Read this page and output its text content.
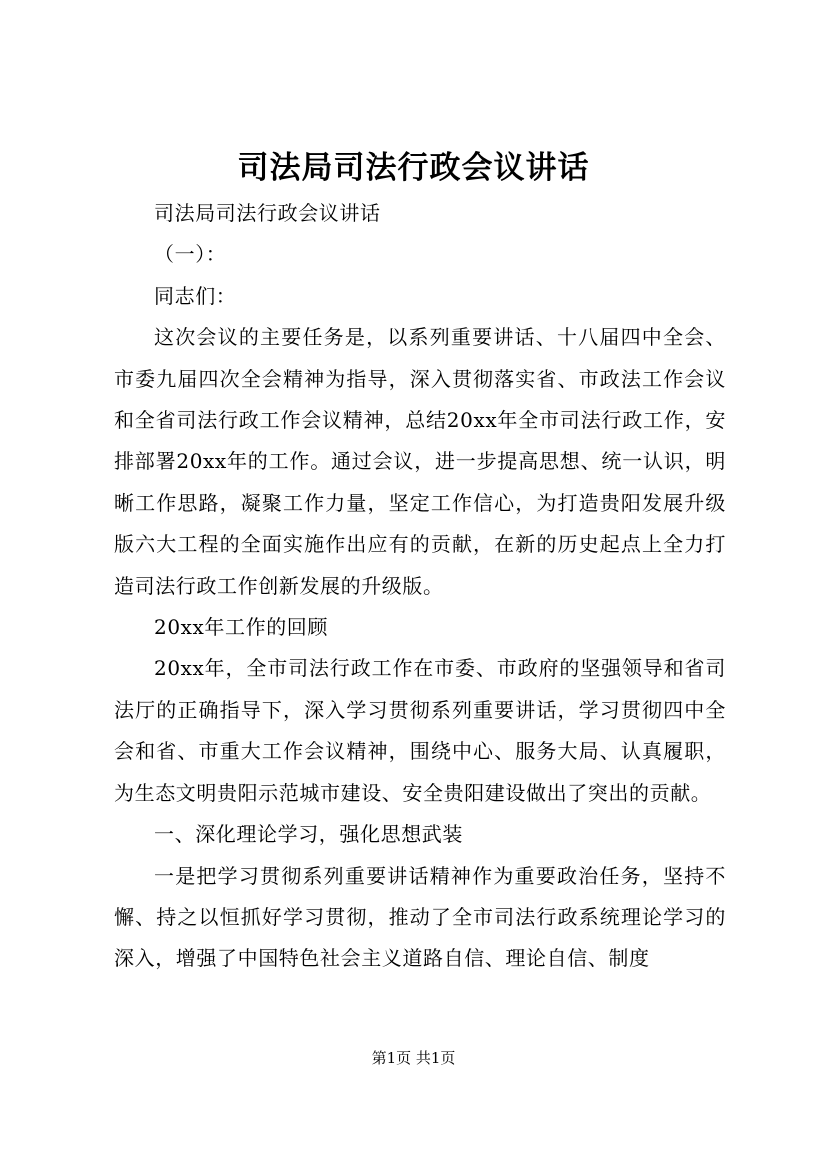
司法局司法行政会议讲话

司法局司法行政会议讲话

（一）：

同志们：

这次会议的主要任务是，以系列重要讲话、十八届四中全会、市委九届四次全会精神为指导，深入贯彻落实省、市政法工作会议和全省司法行政工作会议精神，总结20xx年全市司法行政工作，安排部署20xx年的工作。通过会议，进一步提高思想、统一认识，明晰工作思路，凝聚工作力量，坚定工作信心，为打造贵阳发展升级版六大工程的全面实施作出应有的贡献，在新的历史起点上全力打造司法行政工作创新发展的升级版。

20xx年工作的回顾

20xx年，全市司法行政工作在市委、市政府的坚强领导和省司法厅的正确指导下，深入学习贯彻系列重要讲话，学习贯彻四中全会和省、市重大工作会议精神，围绕中心、服务大局、认真履职，为生态文明贵阳示范城市建设、安全贵阳建设做出了突出的贡献。

一、深化理论学习，强化思想武装

一是把学习贯彻系列重要讲话精神作为重要政治任务，坚持不懈、持之以恒抓好学习贯彻，推动了全市司法行政系统理论学习的深入，增强了中国特色社会主义道路自信、理论自信、制度

第1页 共1页
